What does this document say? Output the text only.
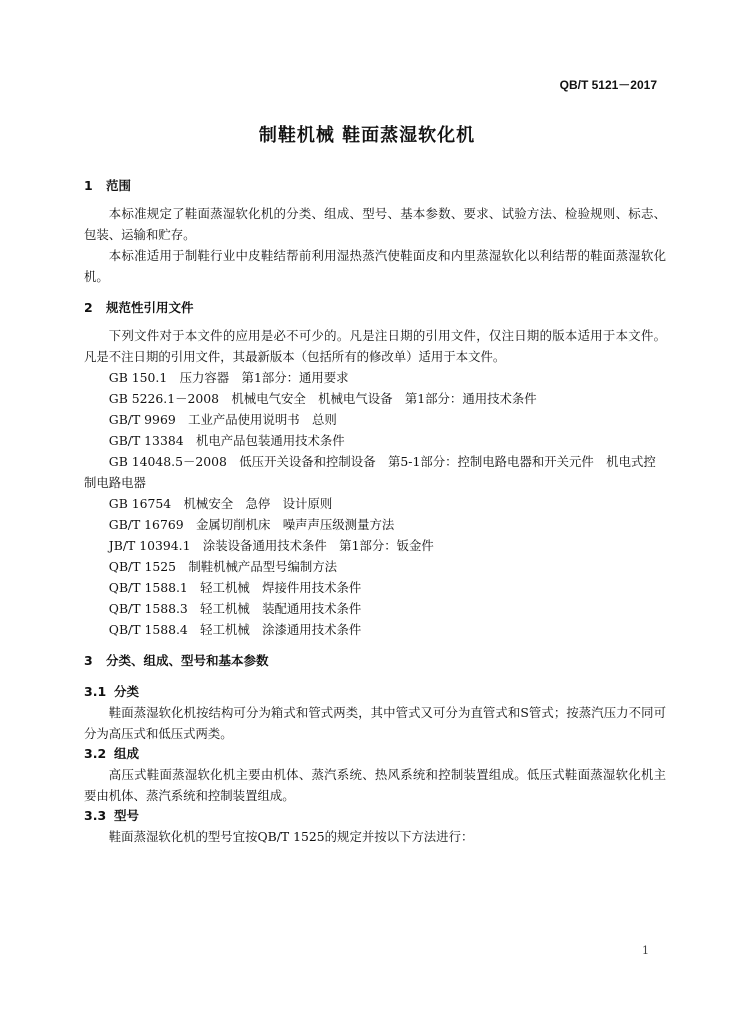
QB/T 5121－2017
制鞋机械 鞋面蒸湿软化机
1 范围

本标准规定了鞋面蒸湿软化机的分类、组成、型号、基本参数、要求、试验方法、检验规则、标志、包装、运输和贮存。

本标准适用于制鞋行业中皮鞋结帮前利用湿热蒸汽使鞋面皮和内里蒸湿软化以利结帮的鞋面蒸湿软化机。

2 规范性引用文件

下列文件对于本文件的应用是必不可少的。凡是注日期的引用文件，仅注日期的版本适用于本文件。凡是不注日期的引用文件，其最新版本（包括所有的修改单）适用于本文件。

GB 150.1　压力容器　第1部分：通用要求

GB 5226.1－2008　机械电气安全　机械电气设备　第1部分：通用技术条件

GB/T 9969　工业产品使用说明书　总则

GB/T 13384　机电产品包装通用技术条件

GB 14048.5－2008　低压开关设备和控制设备　第5-1部分：控制电路电器和开关元件　机电式控制电路电器

GB 16754　机械安全　急停　设计原则

GB/T 16769　金属切削机床　噪声声压级测量方法

JB/T 10394.1　涂装设备通用技术条件　第1部分：钣金件

QB/T 1525　制鞋机械产品型号编制方法

QB/T 1588.1　轻工机械　焊接件用技术条件

QB/T 1588.3　轻工机械　装配通用技术条件

QB/T 1588.4　轻工机械　涂漆通用技术条件

3 分类、组成、型号和基本参数
3.1 分类

鞋面蒸湿软化机按结构可分为箱式和管式两类，其中管式又可分为直管式和S管式；按蒸汽压力不同可分为高压式和低压式两类。

3.2 组成

高压式鞋面蒸湿软化机主要由机体、蒸汽系统、热风系统和控制装置组成。低压式鞋面蒸湿软化机主要由机体、蒸汽系统和控制装置组成。

3.3 型号

鞋面蒸湿软化机的型号宜按QB/T 1525的规定并按以下方法进行：

1
